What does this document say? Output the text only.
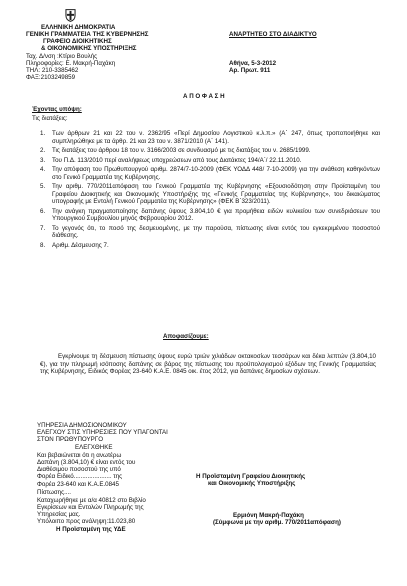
ΕΛΛΗΝΙΚΗ ΔΗΜΟΚΡΑΤΙΑ
ΓΕΝΙΚΗ ΓΡΑΜΜΑΤΕΙΑ ΤΗΣ ΚΥΒΕΡΝΗΣΗΣ
ΓΡΑΦΕΙΟ ΔΙΟΙΚΗΤΙΚΗΣ
& ΟΙΚΟΝΟΜΙΚΗΣ ΥΠΟΣΤΗΡΙΞΗΣ
Ταχ. Δ/νση :Κτίριο Βουλής
Πληροφορίες: Ε. Μακρή-Παχάκη
ΤΗΛ: 210-3385462
ΦΑΞ:2103249859
ΑΝΑΡΤΗΤΕΟ ΣΤΟ ΔΙΑΔΙΚΤΥΟ
Αθήνα, 5-3-2012
Αρ. Πρωτ. 911
Α Π Ο Φ Α Σ Η
Έχοντας υπόψη:
Τις διατάξεις:
1. Των άρθρων 21 και 22 του ν. 2362/95 «Περί Δημοσίου Λογιστικού κ.λ.π.» (Α΄ 247, όπως τροποποιήθηκε και συμπληρώθηκε με τα άρθρ. 21 και 23 του ν. 3871/2010 (Α΄ 141).
2. Τις διατάξεις του άρθρου 18 του ν. 3166/2003 σε συνδυασμό με τις διατάξεις του ν. 2685/1999.
3. Του Π.Δ. 113/2010 περί αναλήψεως υποχρεώσεων από τους Διατάκτες 194/Α΄/ 22.11.2010.
4. Την απόφαση του Πρωθυπουργού αριθμ. 2874/7-10-2009 (ΦΕΚ ΥΟΔΔ 448/ 7-10-2009) για την ανάθεση καθηκόντων στο Γενικό Γραμματέα της Κυβέρνησης.
5. Την αριθμ. 770/2011απόφαση του Γενικού Γραμματέα της Κυβέρνησης «Εξουσιοδότηση στην Προϊσταμένη του Γραφείου Διοικητικής και Οικονομικής Υποστήριξης της «Γενικής Γραμματείας της Κυβέρνησης», του δικαιώματος υπογραφής με Εντολή Γενικού Γραμματέα της Κυβέρνησης» (ΦΕΚ Β΄323/2011).
6. Την ανάγκη πραγματοποίησης δαπάνης ύψους 3.804,10 € για προμήθεια ειδών κυλικείου των συνεδριάσεων του Υπουργικού Συμβουλίου μηνός Φεβρουαρίου 2012.
7. Το γεγονός ότι, το ποσό της δεσμευομένης, με την παρούσα, πίστωσης είναι εντός του εγκεκριμένου ποσοστού διάθεσης.
8. Αριθμ. Δέσμευσης 7.
Αποφασίζουμε:
Εγκρίνουμε τη δέσμευση πίστωσης ύψους ευρώ τριών χιλιάδων οκτακοσίων τεσσάρων και δέκα λεπτών (3.804,10 €), για την πληρωμή ισόποσης δαπάνης σε βάρος της πίστωσης του προϋπολογισμού εξόδων της Γενικής Γραμματείας της Κυβέρνησης, Ειδικός Φορέας 23-640 Κ.Α.Ε. 0845 οικ. έτος 2012, για δαπάνες δημοσίων σχέσεων.
ΥΠΗΡΕΣΙΑ ΔΗΜΟΣΙΟΝΟΜΙΚΟΥ
ΕΛΕΓΧΟΥ ΣΤΙΣ ΥΠΗΡΕΣΙΕΣ ΠΟΥ ΥΠΑΓΟΝΤΑΙ
ΣΤΟΝ ΠΡΩΘΥΠΟΥΡΓΟ
ΕΛΕΓΧΘΗΚΕ
Και βεβαιώνεται ότι η ανωτέρω
Δαπάνη (3.804,10) € είναι εντός του
Διαθέσιμου ποσοστού της υπό
Φορέα Ειδικό...................... της
Φορέα 23-640 και Κ.Α.Ε.0845
Πίστωσης....
Καταχωρήθηκε με α/α 40812 στο Βιβλίο
Εγκρίσεων και Εντολών Πληρωμής της
Υπηρεσίας μας.
Υπόλοιπο προς ανάληψη:11.023,80
Η Προϊσταμένη της ΥΔΕ
Η Προϊσταμένη Γραφείου Διοικητικής
και Οικονομικής Υποστήριξης
Ερμιόνη Μακρή-Παχάκη
(Σύμφωνα με την αριθμ. 770/2011απόφαση)
